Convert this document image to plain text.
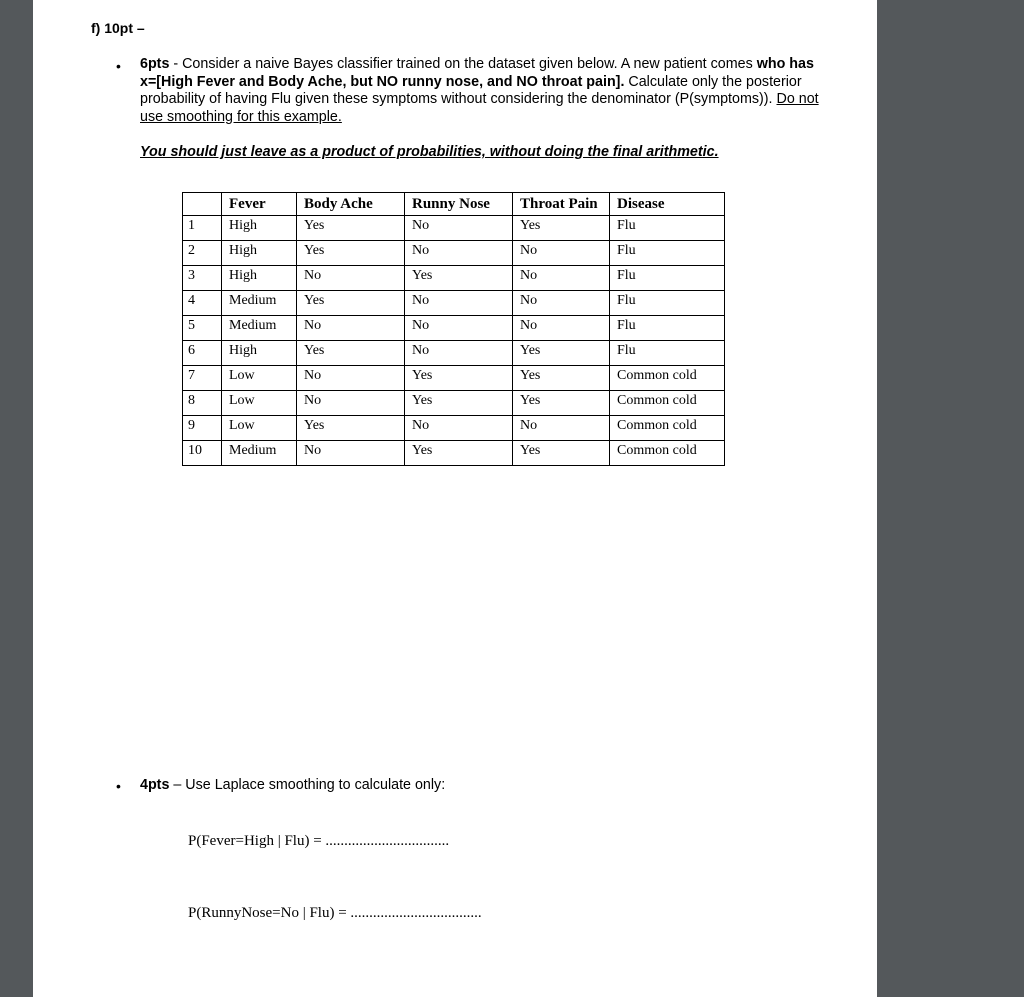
f) 10pt –
• 6pts - Consider a naive Bayes classifier trained on the dataset given below. A new patient comes who has x=[High Fever and Body Ache, but NO runny nose, and NO throat pain]. Calculate only the posterior probability of having Flu given these symptoms without considering the denominator (P(symptoms)). Do not use smoothing for this example.
You should just leave as a product of probabilities, without doing the final arithmetic.
	Fever	Body Ache	Runny Nose	Throat Pain	Disease
1	High	Yes	No	Yes	Flu
2	High	Yes	No	No	Flu
3	High	No	Yes	No	Flu
4	Medium	Yes	No	No	Flu
5	Medium	No	No	No	Flu
6	High	Yes	No	Yes	Flu
7	Low	No	Yes	Yes	Common cold
8	Low	No	Yes	Yes	Common cold
9	Low	Yes	No	No	Common cold
10	Medium	No	Yes	Yes	Common cold
• 4pts – Use Laplace smoothing to calculate only:
P(Fever=High | Flu) = .................................
P(RunnyNose=No | Flu) = ...................................
